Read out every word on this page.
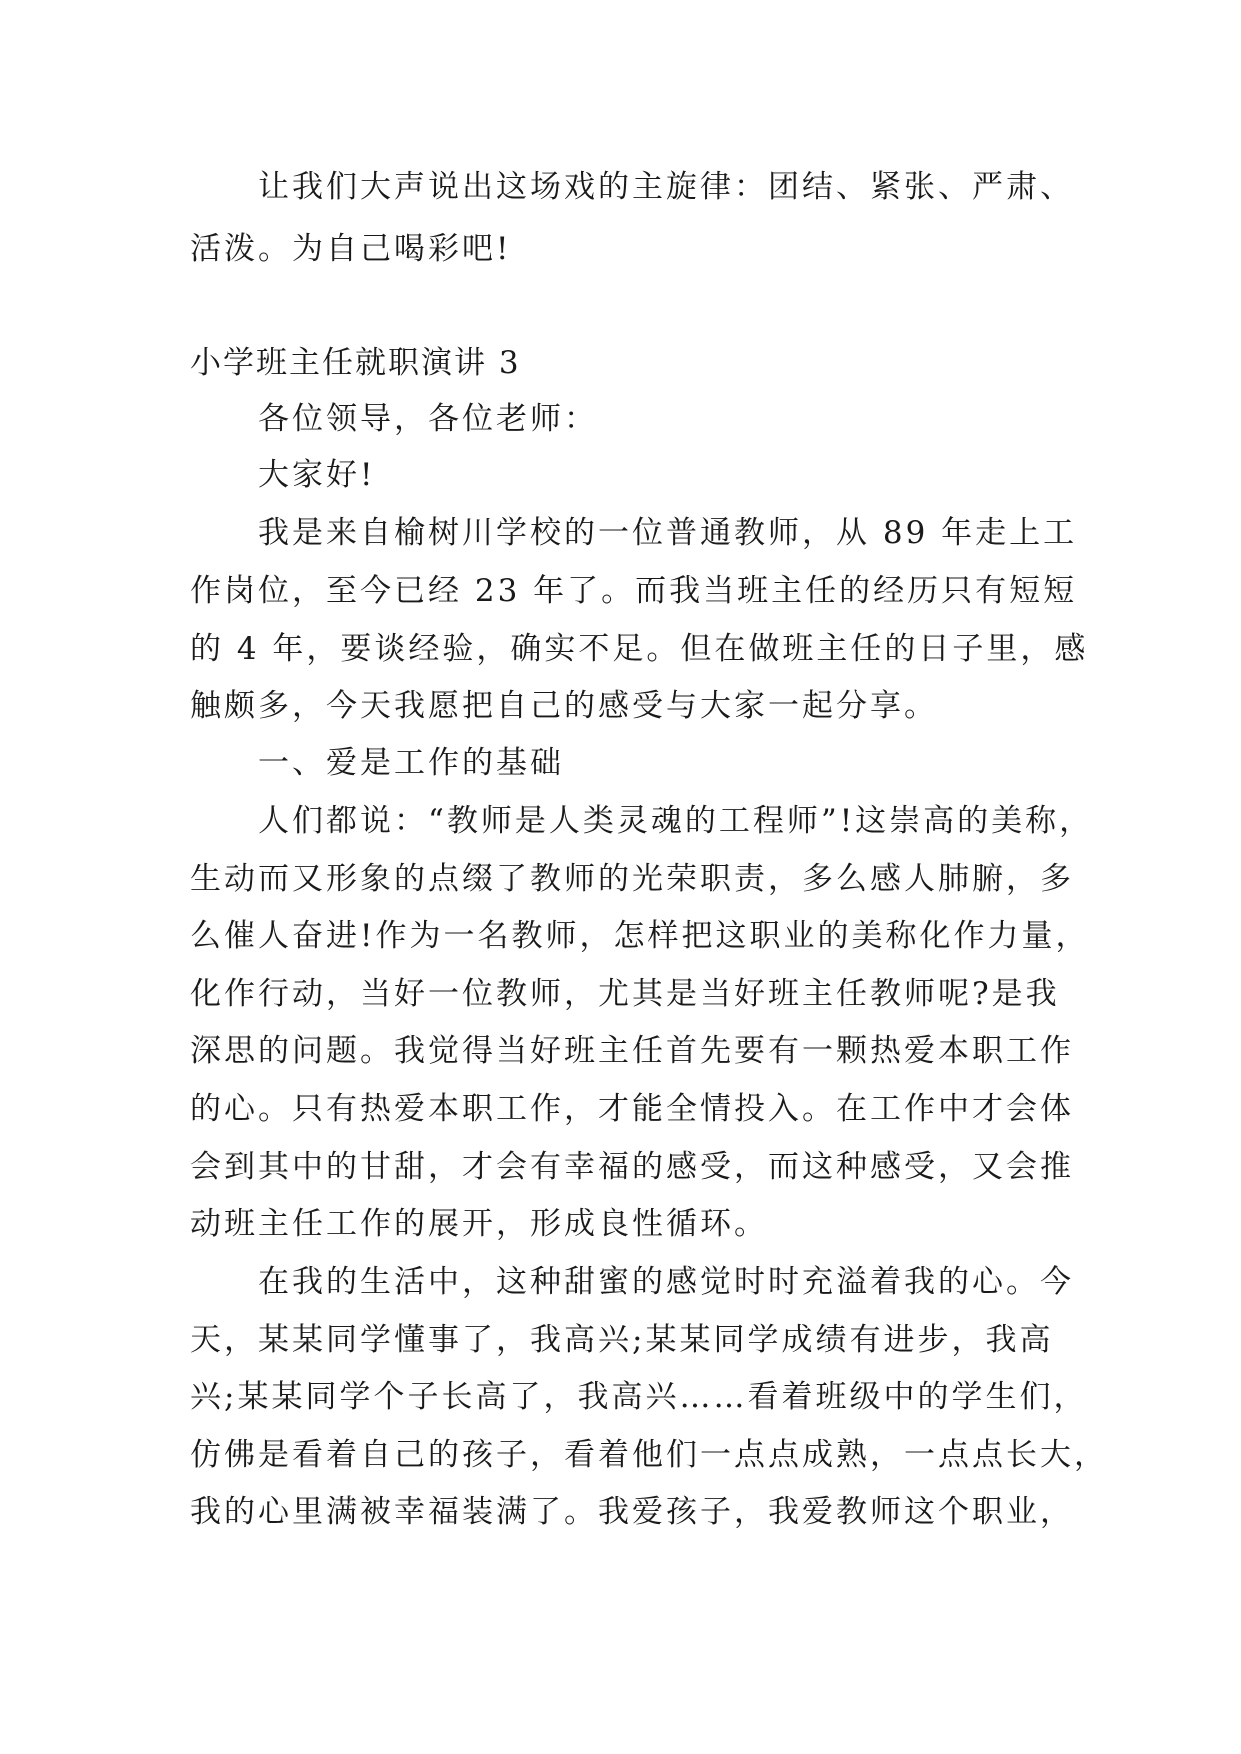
让我们大声说出这场戏的主旋律：团结、紧张、严肃、
活泼。为自己喝彩吧!
小学班主任就职演讲 3
各位领导，各位老师：
大家好!
我是来自榆树川学校的一位普通教师，从 89 年走上工
作岗位，至今已经 23 年了。而我当班主任的经历只有短短
的 4 年，要谈经验，确实不足。但在做班主任的日子里，感
触颇多，今天我愿把自己的感受与大家一起分享。
一、爱是工作的基础
人们都说：“教师是人类灵魂的工程师”!这崇高的美称，
生动而又形象的点缀了教师的光荣职责，多么感人肺腑，多
么催人奋进!作为一名教师，怎样把这职业的美称化作力量，
化作行动，当好一位教师，尤其是当好班主任教师呢?是我
深思的问题。我觉得当好班主任首先要有一颗热爱本职工作
的心。只有热爱本职工作，才能全情投入。在工作中才会体
会到其中的甘甜，才会有幸福的感受，而这种感受，又会推
动班主任工作的展开，形成良性循环。
在我的生活中，这种甜蜜的感觉时时充溢着我的心。今
天，某某同学懂事了，我高兴;某某同学成绩有进步，我高
兴;某某同学个子长高了，我高兴……看着班级中的学生们，
仿佛是看着自己的孩子，看着他们一点点成熟，一点点长大，
我的心里满被幸福装满了。我爱孩子，我爱教师这个职业，
